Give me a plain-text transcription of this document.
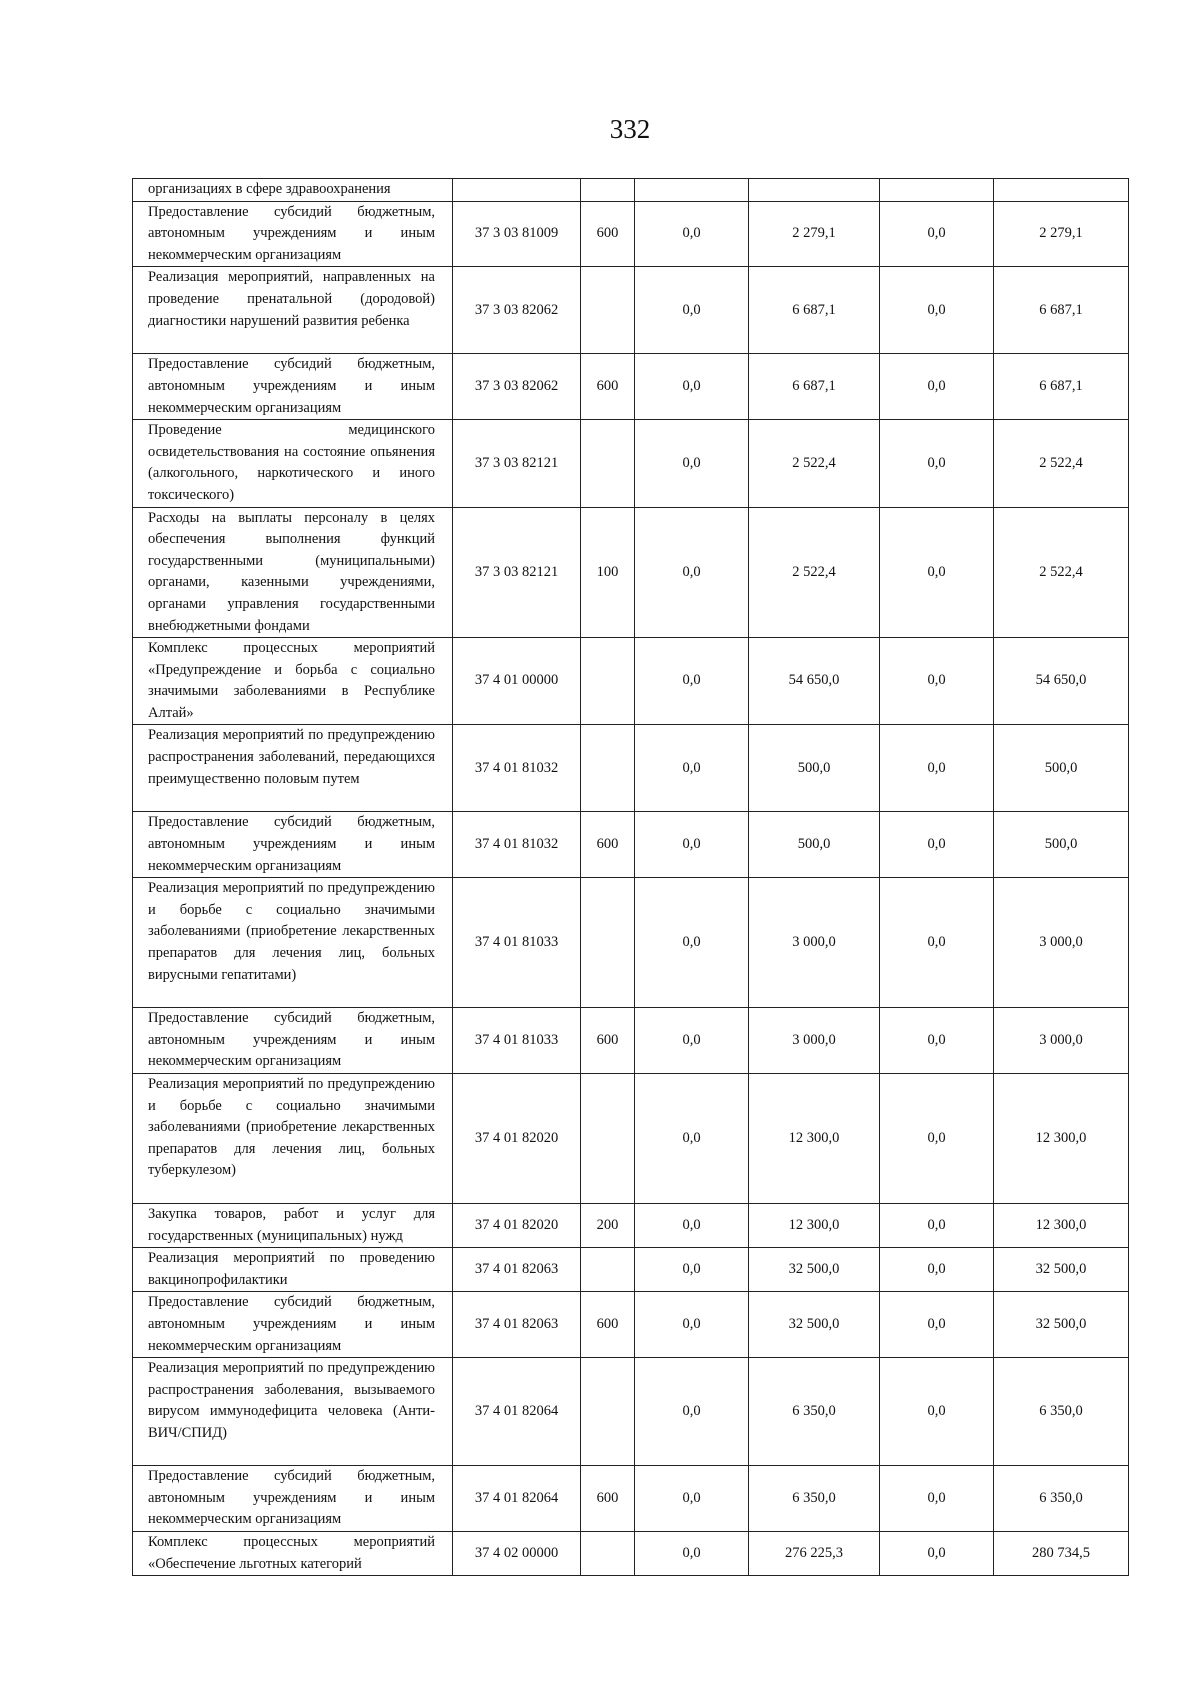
332
организациях в сфере здравоохранения						
Предоставление субсидий бюджетным, автономным учреждениям и иным некоммерческим организациям	37 3 03 81009	600	0,0	2 279,1	0,0	2 279,1
Реализация мероприятий, направленных на проведение пренатальной (дородовой) диагностики нарушений развития ребенка	37 3 03 82062		0,0	6 687,1	0,0	6 687,1
Предоставление субсидий бюджетным, автономным учреждениям и иным некоммерческим организациям	37 3 03 82062	600	0,0	6 687,1	0,0	6 687,1
Проведение медицинского освидетельствования на состояние опьянения (алкогольного, наркотического и иного токсического)	37 3 03 82121		0,0	2 522,4	0,0	2 522,4
Расходы на выплаты персоналу в целях обеспечения выполнения функций государственными (муниципальными) органами, казенными учреждениями, органами управления государственными внебюджетными фондами	37 3 03 82121	100	0,0	2 522,4	0,0	2 522,4
Комплекс процессных мероприятий «Предупреждение и борьба с социально значимыми заболеваниями в Республике Алтай»	37 4 01 00000		0,0	54 650,0	0,0	54 650,0
Реализация мероприятий по предупреждению распространения заболеваний, передающихся преимущественно половым путем	37 4 01 81032		0,0	500,0	0,0	500,0
Предоставление субсидий бюджетным, автономным учреждениям и иным некоммерческим организациям	37 4 01 81032	600	0,0	500,0	0,0	500,0
Реализация мероприятий по предупреждению и борьбе с социально значимыми заболеваниями (приобретение лекарственных препаратов для лечения лиц, больных вирусными гепатитами)	37 4 01 81033		0,0	3 000,0	0,0	3 000,0
Предоставление субсидий бюджетным, автономным учреждениям и иным некоммерческим организациям	37 4 01 81033	600	0,0	3 000,0	0,0	3 000,0
Реализация мероприятий по предупреждению и борьбе с социально значимыми заболеваниями (приобретение лекарственных препаратов для лечения лиц, больных туберкулезом)	37 4 01 82020		0,0	12 300,0	0,0	12 300,0
Закупка товаров, работ и услуг для государственных (муниципальных) нужд	37 4 01 82020	200	0,0	12 300,0	0,0	12 300,0
Реализация мероприятий по проведению вакцинопрофилактики	37 4 01 82063		0,0	32 500,0	0,0	32 500,0
Предоставление субсидий бюджетным, автономным учреждениям и иным некоммерческим организациям	37 4 01 82063	600	0,0	32 500,0	0,0	32 500,0
Реализация мероприятий по предупреждению распространения заболевания, вызываемого вирусом иммунодефицита человека (Анти-ВИЧ/СПИД)	37 4 01 82064		0,0	6 350,0	0,0	6 350,0
Предоставление субсидий бюджетным, автономным учреждениям и иным некоммерческим организациям	37 4 01 82064	600	0,0	6 350,0	0,0	6 350,0
Комплекс процессных мероприятий «Обеспечение льготных категорий	37 4 02 00000		0,0	276 225,3	0,0	280 734,5
